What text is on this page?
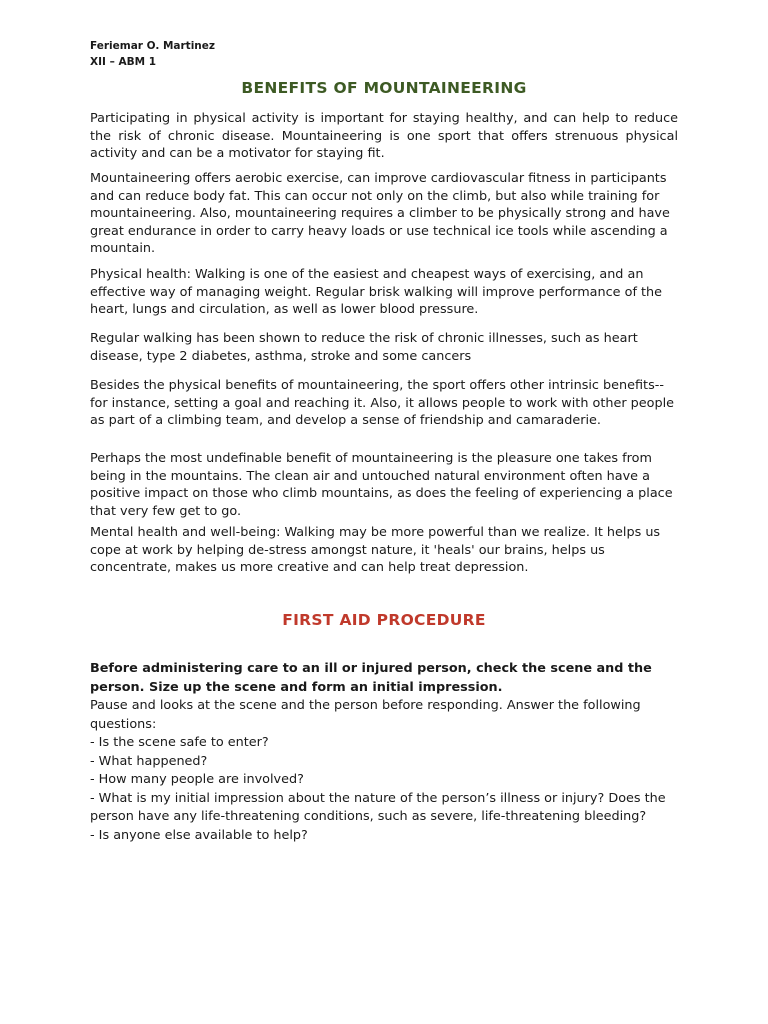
Feriemar O. Martinez
XII – ABM 1
BENEFITS OF MOUNTAINEERING

Participating in physical activity is important for staying healthy, and can help to reduce the risk of chronic disease. Mountaineering is one sport that offers strenuous physical activity and can be a motivator for staying fit.

Mountaineering offers aerobic exercise, can improve cardiovascular fitness in participants and can reduce body fat. This can occur not only on the climb, but also while training for mountaineering. Also, mountaineering requires a climber to be physically strong and have great endurance in order to carry heavy loads or use technical ice tools while ascending a mountain.

Physical health: Walking is one of the easiest and cheapest ways of exercising, and an effective way of managing weight. Regular brisk walking will improve performance of the heart, lungs and circulation, as well as lower blood pressure.

Regular walking has been shown to reduce the risk of chronic illnesses, such as heart disease, type 2 diabetes, asthma, stroke and some cancers

Besides the physical benefits of mountaineering, the sport offers other intrinsic benefits--for instance, setting a goal and reaching it. Also, it allows people to work with other people as part of a climbing team, and develop a sense of friendship and camaraderie.

Perhaps the most undefinable benefit of mountaineering is the pleasure one takes from being in the mountains. The clean air and untouched natural environment often have a positive impact on those who climb mountains, as does the feeling of experiencing a place that very few get to go.

Mental health and well-being: Walking may be more powerful than we realize. It helps us cope at work by helping de-stress amongst nature, it 'heals' our brains, helps us concentrate, makes us more creative and can help treat depression.

FIRST AID PROCEDURE

Before administering care to an ill or injured person, check the scene and the person. Size up the scene and form an initial impression.

Pause and looks at the scene and the person before responding. Answer the following questions:
- Is the scene safe to enter?
- What happened?
- How many people are involved?
- What is my initial impression about the nature of the person’s illness or injury? Does the person have any life-threatening conditions, such as severe, life-threatening bleeding?
- Is anyone else available to help?
